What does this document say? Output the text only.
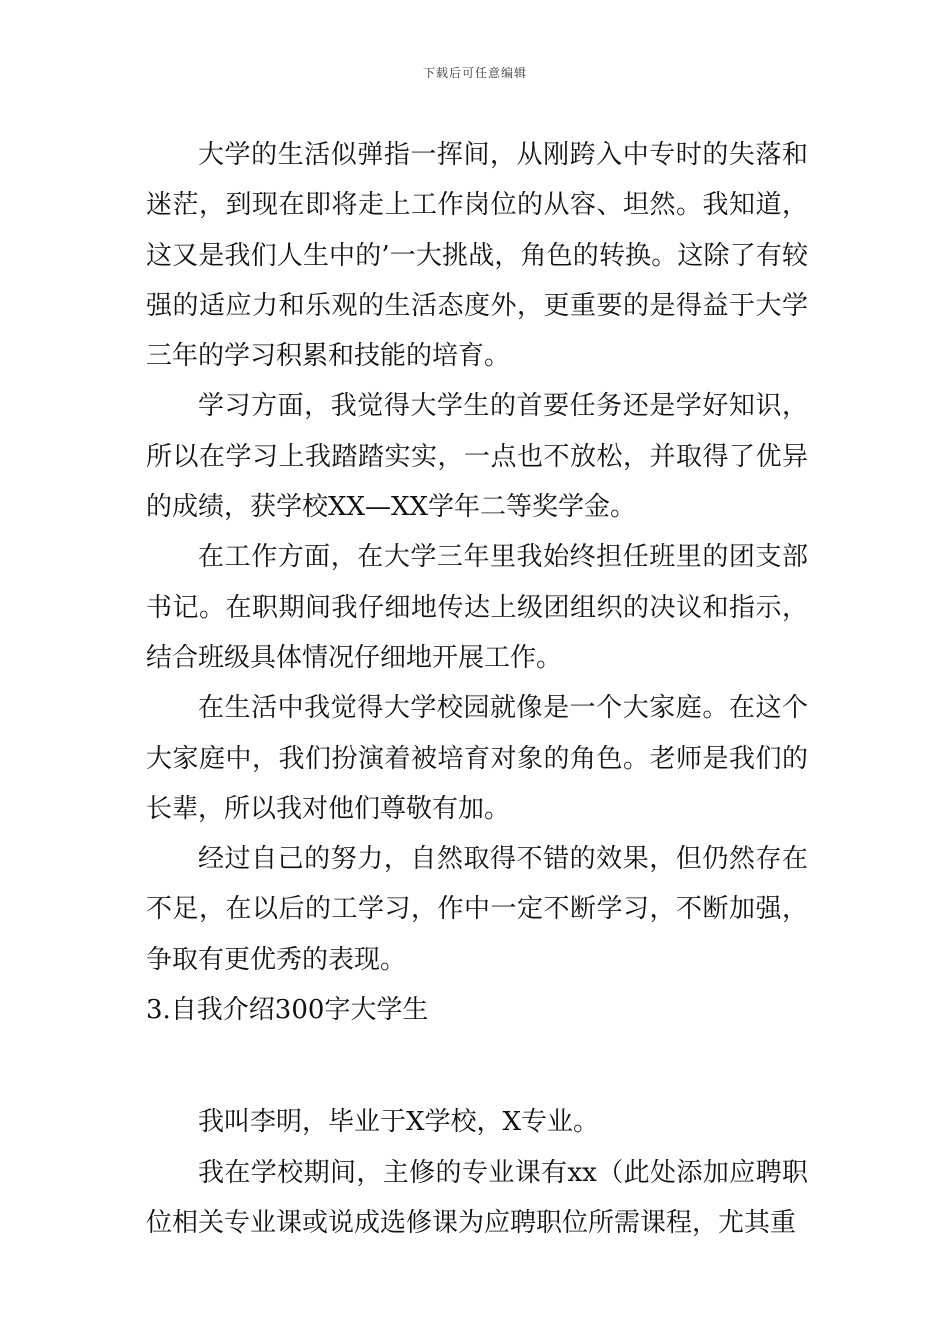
下载后可任意编辑

大学的生活似弹指一挥间，从刚跨入中专时的失落和迷茫，到现在即将走上工作岗位的从容、坦然。我知道，这又是我们人生中的’一大挑战，角色的转换。这除了有较强的适应力和乐观的生活态度外，更重要的是得益于大学三年的学习积累和技能的培育。

学习方面，我觉得大学生的首要任务还是学好知识，所以在学习上我踏踏实实，一点也不放松，并取得了优异的成绩，获学校XX—XX学年二等奖学金。

在工作方面，在大学三年里我始终担任班里的团支部书记。在职期间我仔细地传达上级团组织的决议和指示，结合班级具体情况仔细地开展工作。

在生活中我觉得大学校园就像是一个大家庭。在这个大家庭中，我们扮演着被培育对象的角色。老师是我们的长辈，所以我对他们尊敬有加。

经过自己的努力，自然取得不错的效果，但仍然存在不足，在以后的工学习，作中一定不断学习，不断加强，争取有更优秀的表现。

3.自我介绍300字大学生

我叫李明，毕业于X学校，X专业。

我在学校期间，主修的专业课有xx（此处添加应聘职位相关专业课或说成选修课为应聘职位所需课程，尤其重
